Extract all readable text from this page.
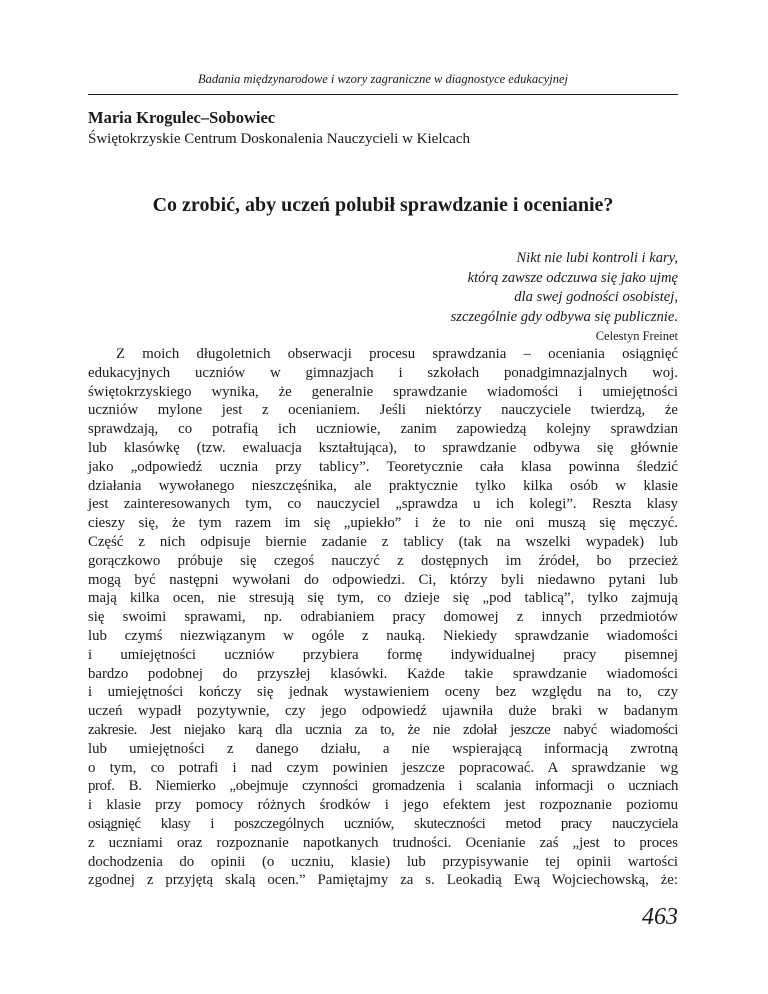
Badania międzynarodowe i wzory zagraniczne w diagnostyce edukacyjnej
Maria Krogulec–Sobowiec
Świętokrzyskie Centrum Doskonalenia Nauczycieli w Kielcach
Co zrobić, aby uczeń polubił sprawdzanie i ocenianie?
Nikt nie lubi kontroli i kary,
którą zawsze odczuwa się jako ujmę
dla swej godności osobistej,
szczególnie gdy odbywa się publicznie.
Celestyn Freinet
Z moich długoletnich obserwacji procesu sprawdzania – oceniania osiągnięć
edukacyjnych uczniów w gimnazjach i szkołach ponadgimnazjalnych woj.
świętokrzyskiego wynika, że generalnie sprawdzanie wiadomości i umiejętności
uczniów mylone jest z ocenianiem. Jeśli niektórzy nauczyciele twierdzą, że
sprawdzają, co potrafią ich uczniowie, zanim zapowiedzą kolejny sprawdzian
lub klasówkę (tzw. ewaluacja kształtująca), to sprawdzanie odbywa się głównie
jako „odpowiedź ucznia przy tablicy”. Teoretycznie cała klasa powinna śledzić
działania wywołanego nieszczęśnika, ale praktycznie tylko kilka osób w klasie
jest zainteresowanych tym, co nauczyciel „sprawdza u ich kolegi”. Reszta klasy
cieszy się, że tym razem im się „upiekło” i że to nie oni muszą się męczyć.
Część z nich odpisuje biernie zadanie z tablicy (tak na wszelki wypadek) lub
gorączkowo próbuje się czegoś nauczyć z dostępnych im źródeł, bo przecież
mogą być następni wywołani do odpowiedzi. Ci, którzy byli niedawno pytani lub
mają kilka ocen, nie stresują się tym, co dzieje się „pod tablicą”, tylko zajmują
się swoimi sprawami, np. odrabianiem pracy domowej z innych przedmiotów
lub czymś niezwiązanym w ogóle z nauką. Niekiedy sprawdzanie wiadomości
i umiejętności uczniów przybiera formę indywidualnej pracy pisemnej
bardzo podobnej do przyszłej klasówki. Każde takie sprawdzanie wiadomości
i umiejętności kończy się jednak wystawieniem oceny bez względu na to, czy
uczeń wypadł pozytywnie, czy jego odpowiedź ujawniła duże braki w badanym
zakresie. Jest niejako karą dla ucznia za to, że nie zdołał jeszcze nabyć wiadomości
lub umiejętności z danego działu, a nie wspierającą informacją zwrotną
o tym, co potrafi i nad czym powinien jeszcze popracować. A sprawdzanie wg
prof. B. Niemierko „obejmuje czynności gromadzenia i scalania informacji o uczniach
i klasie przy pomocy różnych środków i jego efektem jest rozpoznanie poziomu
osiągnięć klasy i poszczególnych uczniów, skuteczności metod pracy nauczyciela
z uczniami oraz rozpoznanie napotkanych trudności. Ocenianie zaś „jest to proces
dochodzenia do opinii (o uczniu, klasie) lub przypisywanie tej opinii wartości
zgodnej z przyjętą skalą ocen.” Pamiętajmy za s. Leokadią Ewą Wojciechowską, że:
463
